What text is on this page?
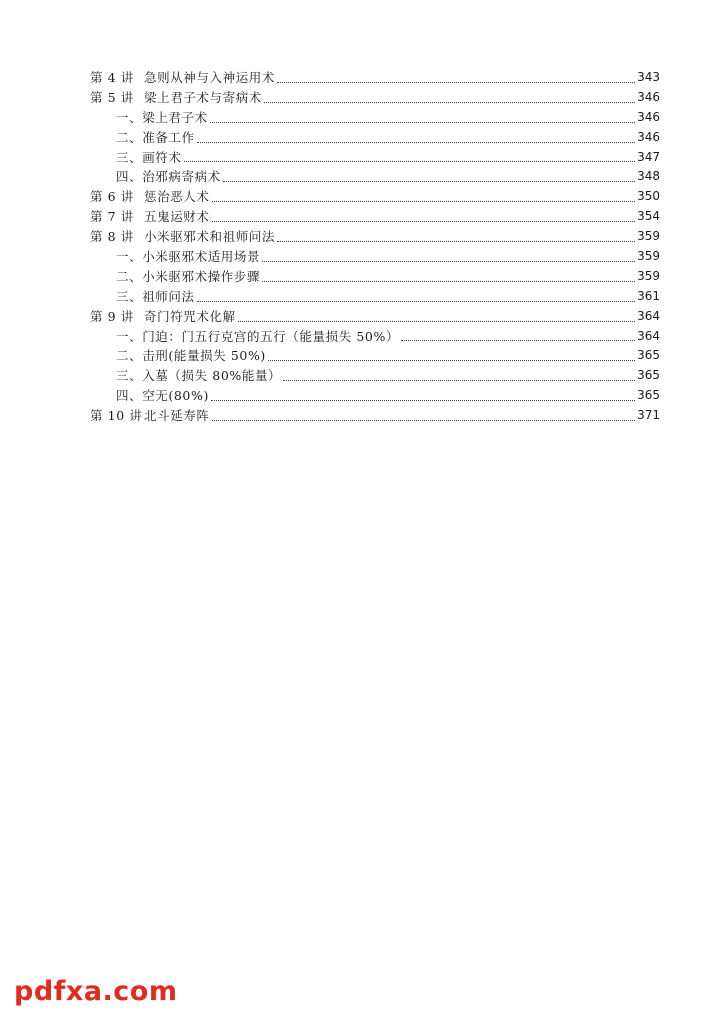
第 4 讲 急则从神与入神运用术	343
第 5 讲 梁上君子术与寄病术	346
一、梁上君子术	346
二、准备工作	346
三、画符术	347
四、治邪病寄病术	348
第 6 讲 惩治恶人术	350
第 7 讲 五鬼运财术	354
第 8 讲 小米驱邪术和祖师问法	359
一、小米驱邪术适用场景	359
二、小米驱邪术操作步骤	359
三、祖师问法	361
第 9 讲 奇门符咒术化解	364
一、门迫：门五行克宫的五行（能量损失 50%）	364
二、击刑(能量损失 50%)	365
三、入墓（损失 80%能量）	365
四、空无(80%)	365
第 10 讲 北斗延寿阵	371
pdfxa.com
